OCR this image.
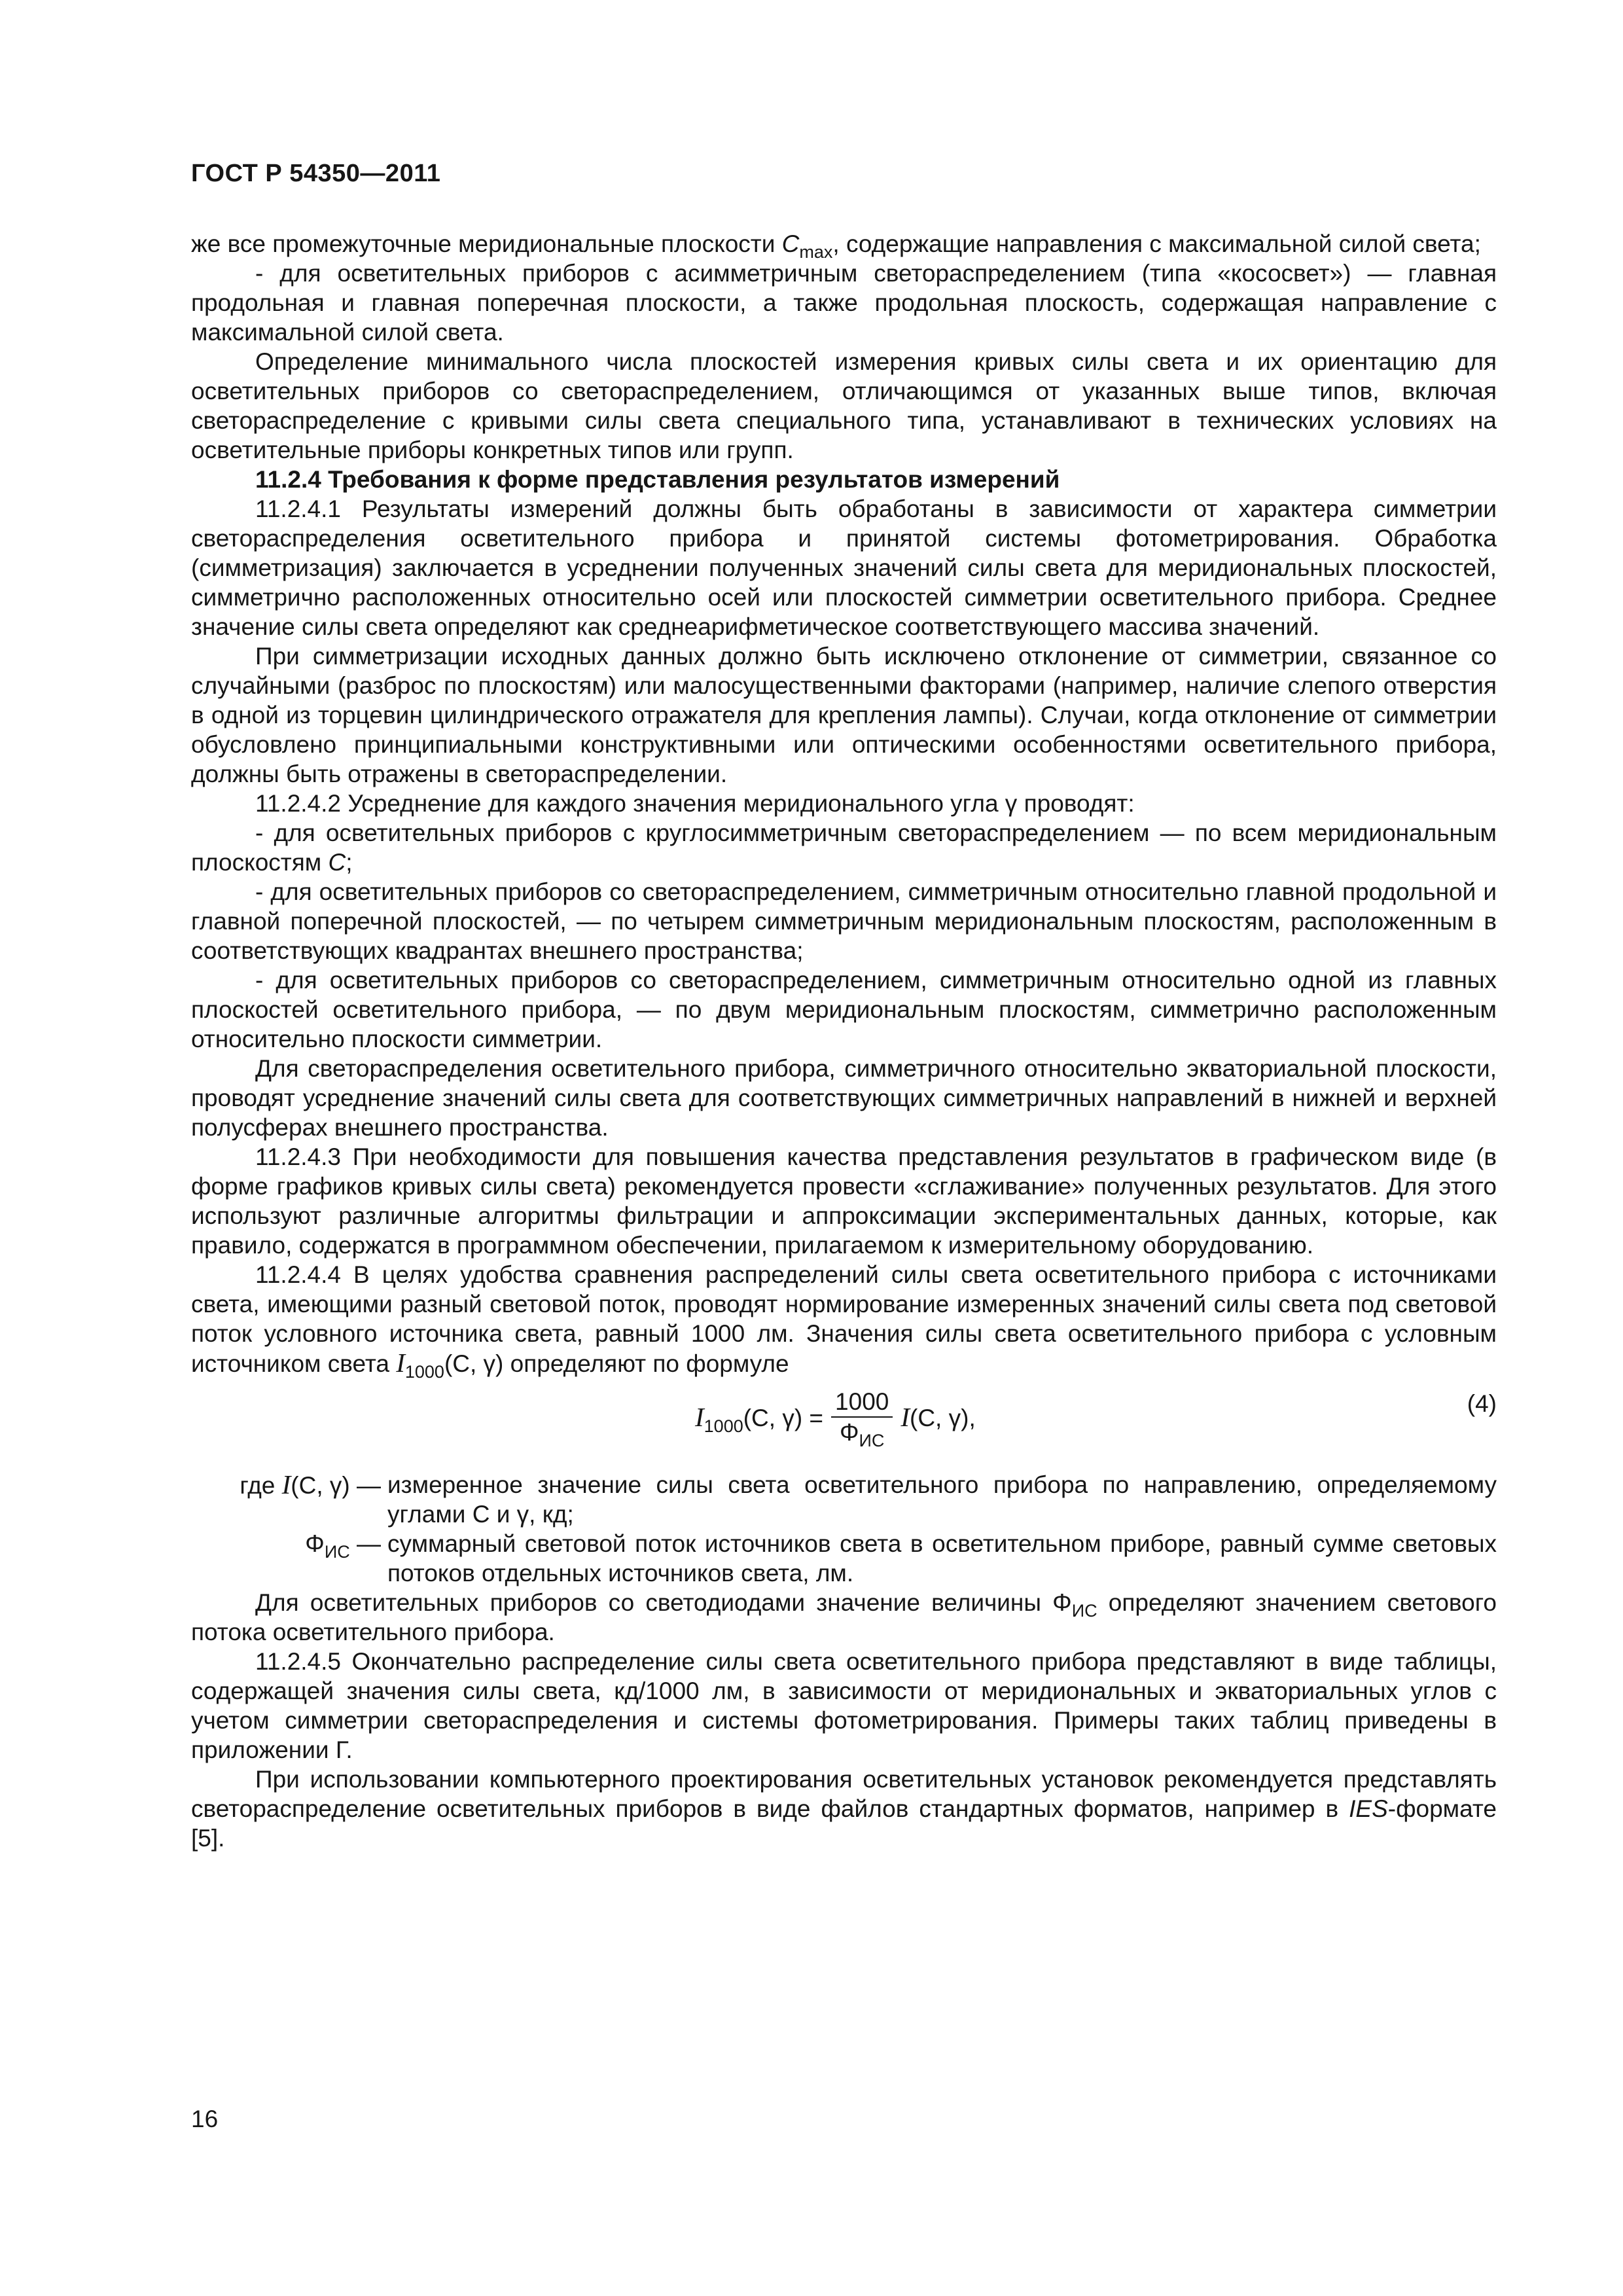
ГОСТ Р 54350—2011

же все промежуточные меридиональные плоскости $C_{max}$, содержащие направления с максимальной силой света;

- для осветительных приборов с асимметричным светораспределением (типа «кососвет») — главная продольная и главная поперечная плоскости, а также продольная плоскость, содержащая направление с максимальной силой света.

Определение минимального числа плоскостей измерения кривых силы света и их ориентацию для осветительных приборов со светораспределением, отличающимся от указанных выше типов, включая светораспределение с кривыми силы света специального типа, устанавливают в технических условиях на осветительные приборы конкретных типов или групп.

11.2.4 Требования к форме представления результатов измерений

11.2.4.1 Результаты измерений должны быть обработаны в зависимости от характера симметрии светораспределения осветительного прибора и принятой системы фотометрирования. Обработка (симметризация) заключается в усреднении полученных значений силы света для меридиональных плоскостей, симметрично расположенных относительно осей или плоскостей симметрии осветительного прибора. Среднее значение силы света определяют как среднеарифметическое соответствующего массива значений.

При симметризации исходных данных должно быть исключено отклонение от симметрии, связанное со случайными (разброс по плоскостям) или малосущественными факторами (например, наличие слепого отверстия в одной из торцевин цилиндрического отражателя для крепления лампы). Случаи, когда отклонение от симметрии обусловлено принципиальными конструктивными или оптическими особенностями осветительного прибора, должны быть отражены в светораспределении.

11.2.4.2 Усреднение для каждого значения меридионального угла γ проводят:

- для осветительных приборов с круглосимметричным светораспределением — по всем меридиональным плоскостям C;

- для осветительных приборов со светораспределением, симметричным относительно главной продольной и главной поперечной плоскостей, — по четырем симметричным меридиональным плоскостям, расположенным в соответствующих квадрантах внешнего пространства;

- для осветительных приборов со светораспределением, симметричным относительно одной из главных плоскостей осветительного прибора, — по двум меридиональным плоскостям, симметрично расположенным относительно плоскости симметрии.

Для светораспределения осветительного прибора, симметричного относительно экваториальной плоскости, проводят усреднение значений силы света для соответствующих симметричных направлений в нижней и верхней полусферах внешнего пространства.

11.2.4.3 При необходимости для повышения качества представления результатов в графическом виде (в форме графиков кривых силы света) рекомендуется провести «сглаживание» полученных результатов. Для этого используют различные алгоритмы фильтрации и аппроксимации экспериментальных данных, которые, как правило, содержатся в программном обеспечении, прилагаемом к измерительному оборудованию.

11.2.4.4 В целях удобства сравнения распределений силы света осветительного прибора с источниками света, имеющими разный световой поток, проводят нормирование измеренных значений силы света под световой поток условного источника света, равный 1000 лм. Значения силы света осветительного прибора с условным источником света $I_{1000}(C$, γ) определяют по формуле

$I_{1000}(C$, $\gamma) = \frac{1000}{\Phi_{ИС}} I(C$, γ),
(4)
где I(C, γ) — измеренное значение силы света осветительного прибора по направлению, определяемому углами C и γ, кд;
$\Phi_{ИС}$ — суммарный световой поток источников света в осветительном приборе, равный сумме световых потоков отдельных источников света, лм.

Для осветительных приборов со светодиодами значение величины $\Phi_{ИС}$ определяют значением светового потока осветительного прибора.

11.2.4.5 Окончательно распределение силы света осветительного прибора представляют в виде таблицы, содержащей значения силы света, кд/1000 лм, в зависимости от меридиональных и экваториальных углов с учетом симметрии светораспределения и системы фотометрирования. Примеры таких таблиц приведены в приложении Г.

При использовании компьютерного проектирования осветительных установок рекомендуется представлять светораспределение осветительных приборов в виде файлов стандартных форматов, например в IES-формате [5].

16
